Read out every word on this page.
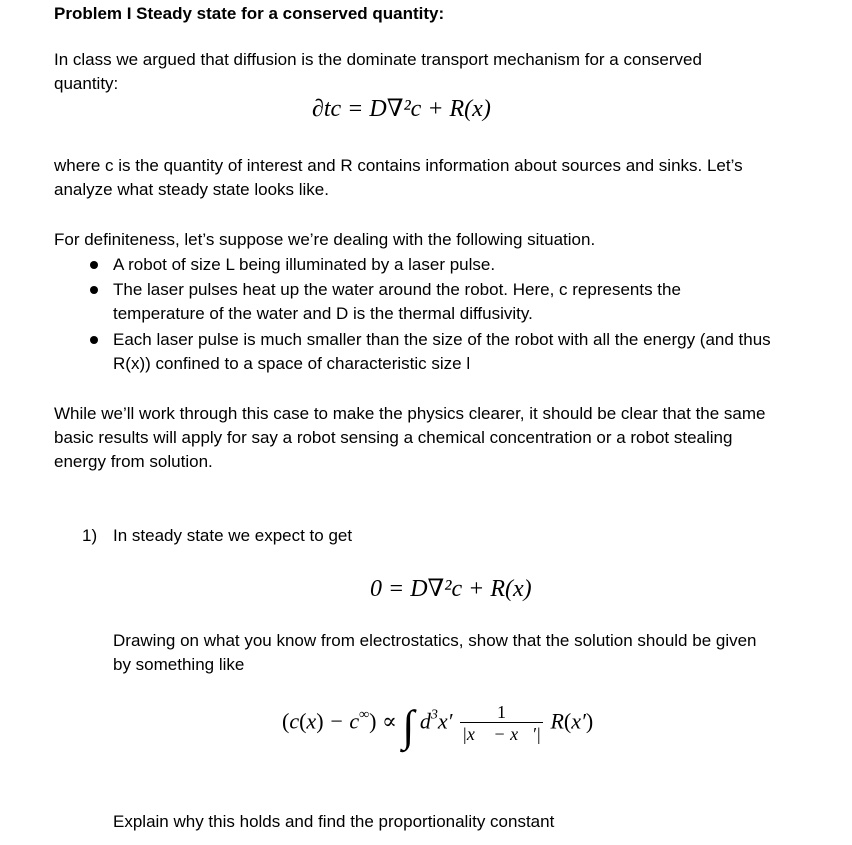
Problem I Steady state for a conserved quantity:
In class we argued that diffusion is the dominate transport mechanism for a conserved
quantity:
∂tc = D∇²c + R(x)
where c is the quantity of interest and R contains information about sources and sinks. Let’s
analyze what steady state looks like.
For definiteness, let’s suppose we’re dealing with the following situation.
A robot of size L being illuminated by a laser pulse.
The laser pulses heat up the water around the robot. Here, c represents the
temperature of the water and D is the thermal diffusivity.
Each laser pulse is much smaller than the size of the robot with all the energy (and thus
R(x)) confined to a space of characteristic size l
While we’ll work through this case to make the physics clearer, it should be clear that the same
basic results will apply for say a robot sensing a chemical concentration or a robot stealing
energy from solution.
1) In steady state we expect to get
0 = D∇²c + R(x)
Drawing on what you know from electrostatics, show that the solution should be given
by something like
(c(x) − c∞) ∝ ∫ $d^3x' \frac{1}{|x⃗ - x⃗'|} R(x')$
Explain why this holds and find the proportionality constant
